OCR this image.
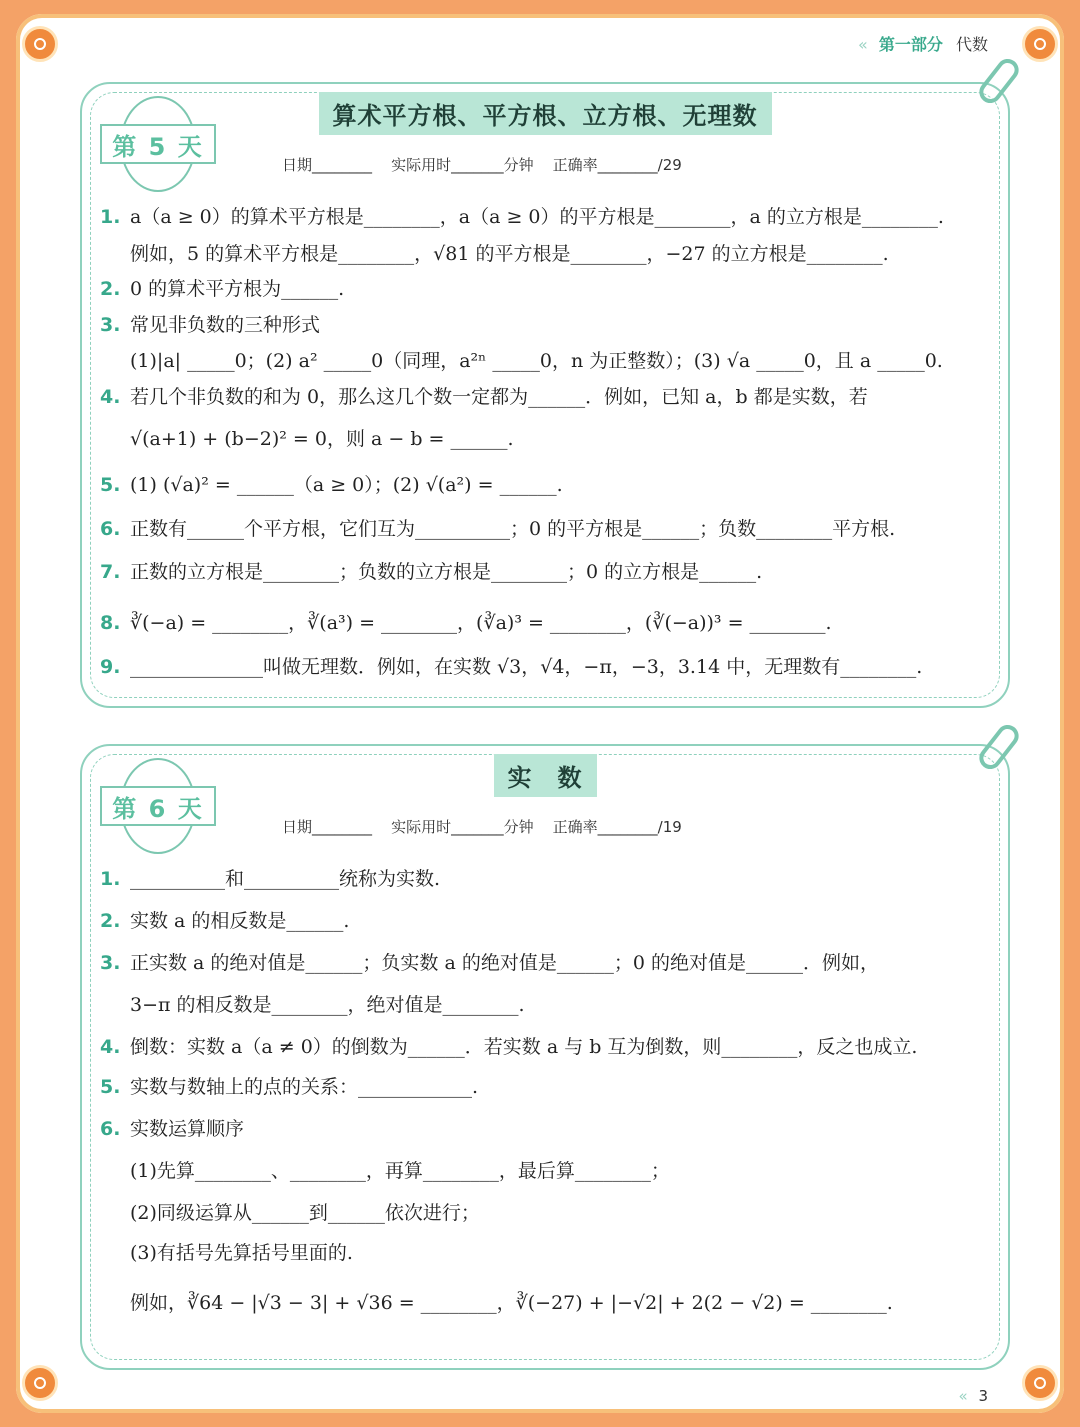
« 第一部分 代数
第 5 天
算术平方根、平方根、立方根、无理数
日期________    实际用时_______分钟    正确率________/29
1. a（a ≥ 0）的算术平方根是________，a（a ≥ 0）的平方根是________，a 的立方根是________.
例如，5 的算术平方根是________，√81 的平方根是________，−27 的立方根是________.
2. 0 的算术平方根为______.
3. 常见非负数的三种形式
(1)|a| _____0；(2) a² _____0（同理，a²ⁿ _____0，n 为正整数）；(3) √a _____0，且 a _____0.
4. 若几个非负数的和为 0，那么这几个数一定都为______．例如，已知 a，b 都是实数，若
√(a+1) + (b−2)² = 0，则 a − b = ______.
5. (1) (√a)² = ______（a ≥ 0）；(2) √(a²) = ______.
6. 正数有______个平方根，它们互为__________；0 的平方根是______；负数________平方根.
7. 正数的立方根是________；负数的立方根是________；0 的立方根是______.
8. ∛(−a) = ________，∛(a³) = ________，(∛a)³ = ________，(∛(−a))³ = ________.
9. ______________叫做无理数．例如，在实数 √3，√4，−π，−3，3.14 中，无理数有________.
第 6 天
实　数
日期________    实际用时_______分钟    正确率________/19
1. __________和__________统称为实数.
2. 实数 a 的相反数是______.
3. 正实数 a 的绝对值是______；负实数 a 的绝对值是______；0 的绝对值是______．例如，
3−π 的相反数是________，绝对值是________.
4. 倒数：实数 a（a ≠ 0）的倒数为______．若实数 a 与 b 互为倒数，则________，反之也成立.
5. 实数与数轴上的点的关系：____________.
6. 实数运算顺序
(1)先算________、________，再算________，最后算________；
(2)同级运算从______到______依次进行；
(3)有括号先算括号里面的.
例如，∛64 − |√3 − 3| + √36 = ________，∛(−27) + |−√2| + 2(2 − √2) = ________.
« 3
